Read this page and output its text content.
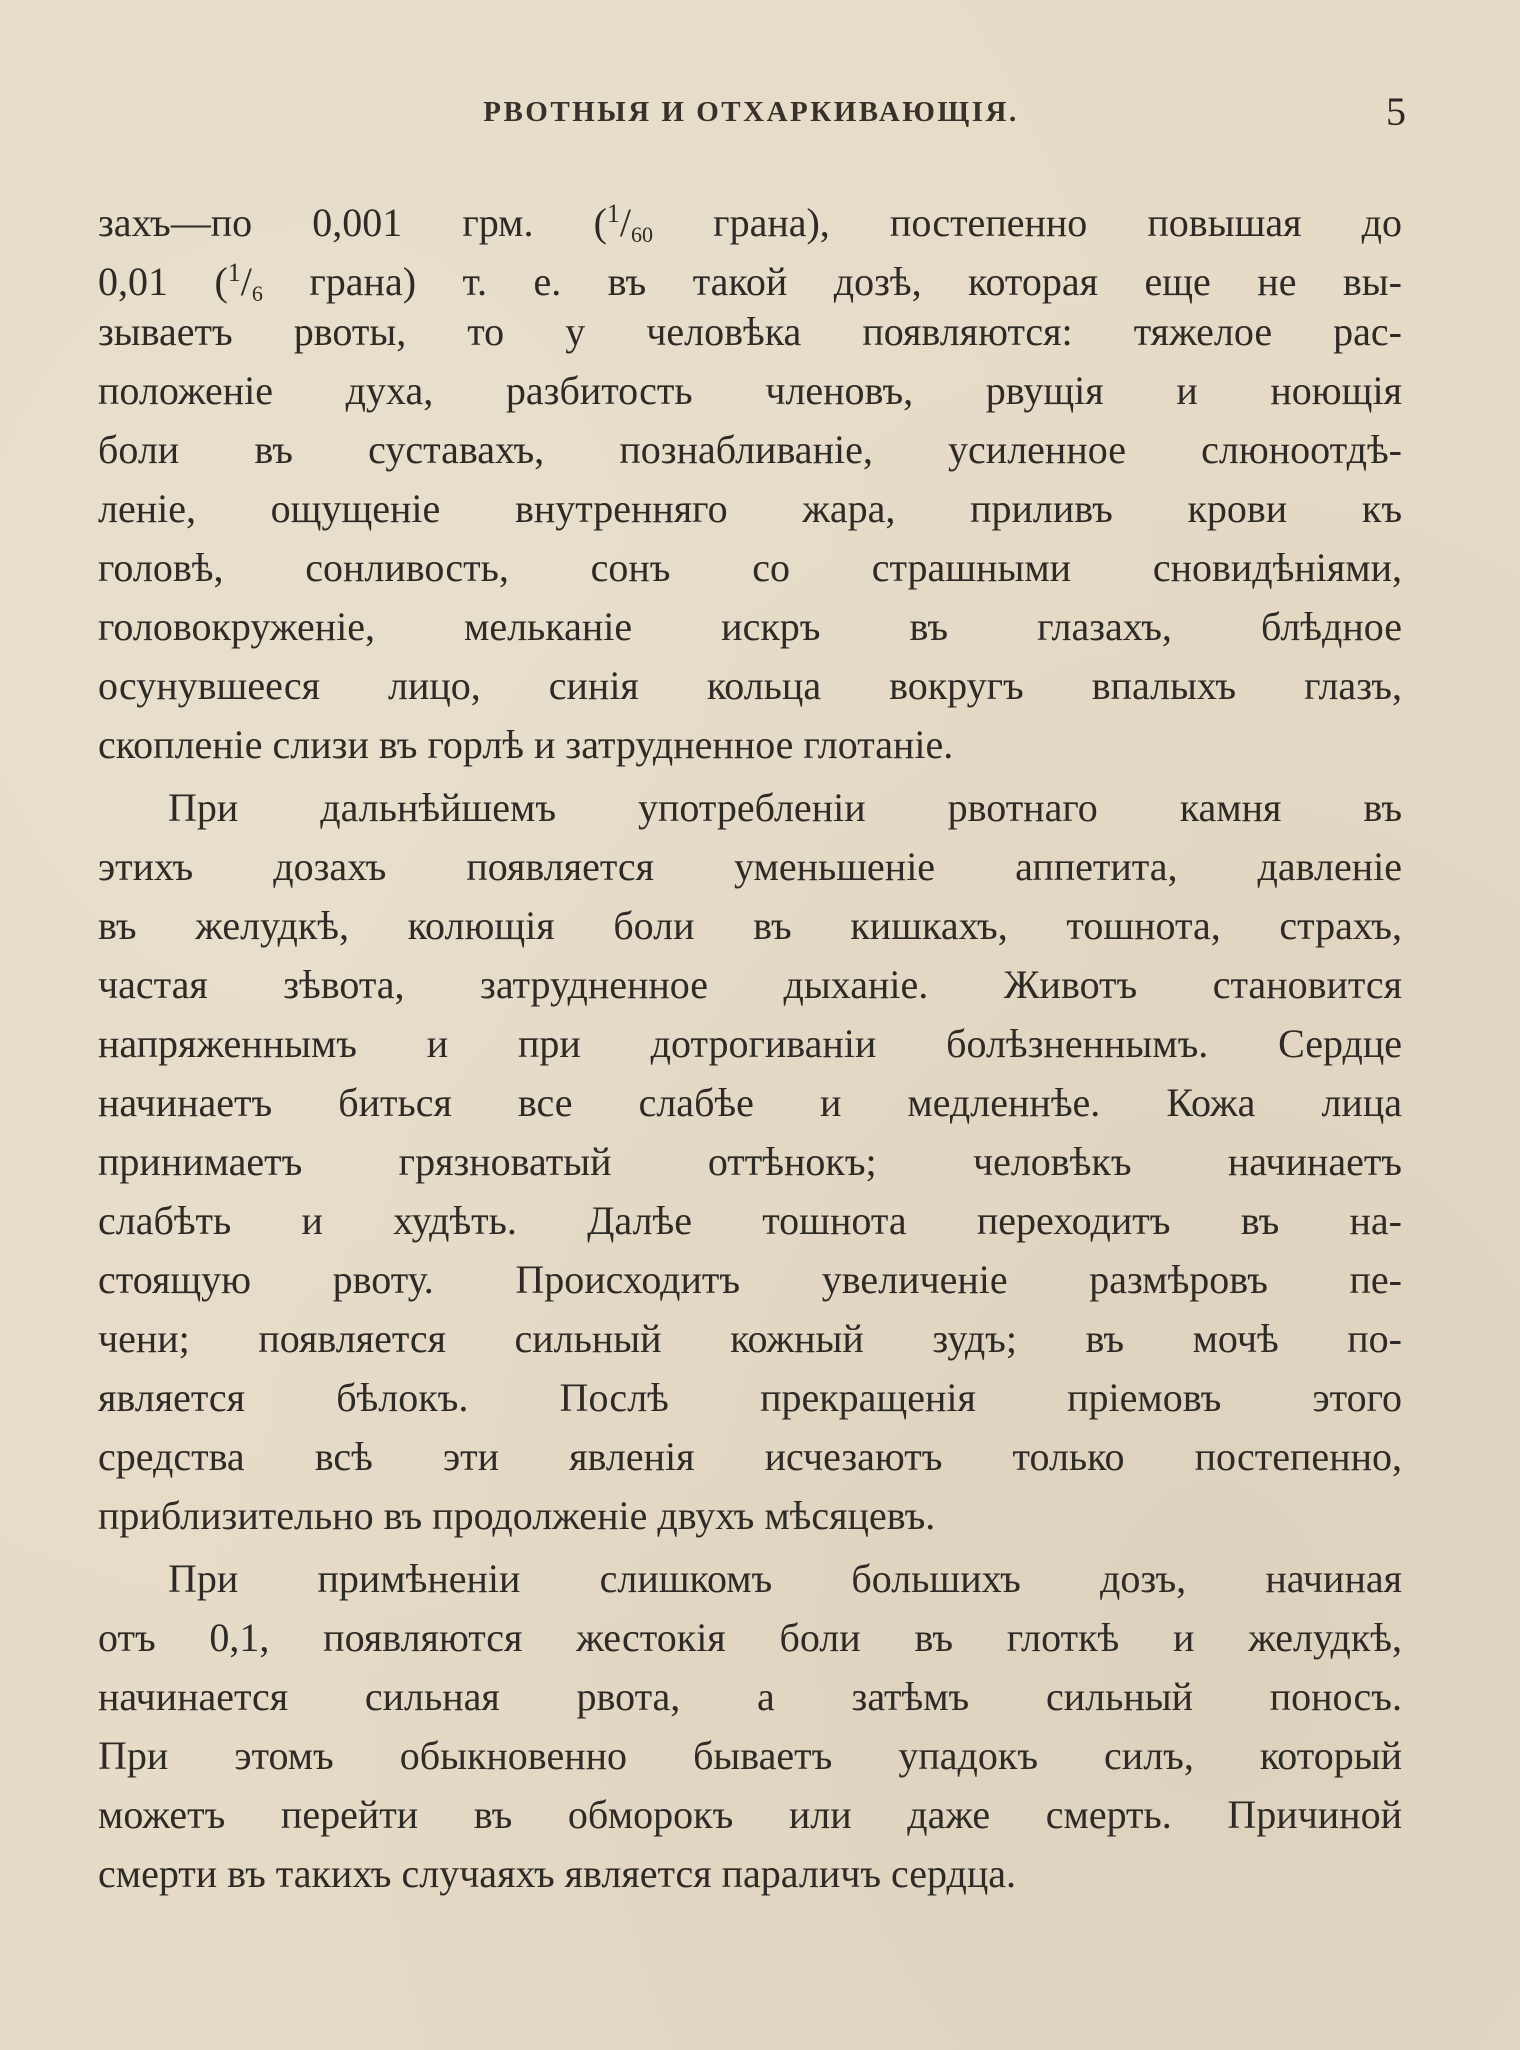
РВОТНЫЯ И ОТХАРКИВАЮЩІЯ.	5
захъ—по 0,001 грм. ($^1$/60 грана), постепенно повышая до
0,01 ($^1$/6 грана) т. е. въ такой дозѣ, которая еще не вы-
зываетъ рвоты, то у человѣка появляются: тяжелое рас-
положеніе духа, разбитость членовъ, рвущія и ноющія
боли въ суставахъ, познабливаніе, усиленное слюноотдѣ-
леніе, ощущеніе внутренняго жара, приливъ крови къ
головѣ, сонливость, сонъ со страшными сновидѣніями,
головокруженіе, мельканіе искръ въ глазахъ, блѣдное
осунувшееся лицо, синія кольца вокругъ впалыхъ глазъ,
скопленіе слизи въ горлѣ и затрудненное глотаніе.
При дальнѣйшемъ употребленіи рвотнаго камня въ
этихъ дозахъ появляется уменьшеніе аппетита, давленіе
въ желудкѣ, колющія боли въ кишкахъ, тошнота, страхъ,
частая зѣвота, затрудненное дыханіе. Животъ становится
напряженнымъ и при дотрогиваніи болѣзненнымъ. Сердце
начинаетъ биться все слабѣе и медленнѣе. Кожа лица
принимаетъ грязноватый оттѣнокъ; человѣкъ начинаетъ
слабѣть и худѣть. Далѣе тошнота переходитъ въ на-
стоящую рвоту. Происходитъ увеличеніе размѣровъ пе-
чени; появляется сильный кожный зудъ; въ мочѣ по-
является бѣлокъ. Послѣ прекращенія пріемовъ этого
средства всѣ эти явленія исчезаютъ только постепенно,
приблизительно въ продолженіе двухъ мѣсяцевъ.
При примѣненіи слишкомъ большихъ дозъ, начиная
отъ 0,1, появляются жестокія боли въ глоткѣ и желудкѣ,
начинается сильная рвота, а затѣмъ сильный поносъ.
При этомъ обыкновенно бываетъ упадокъ силъ, который
можетъ перейти въ обморокъ или даже смерть. Причиной
смерти въ такихъ случаяхъ является параличъ сердца.
